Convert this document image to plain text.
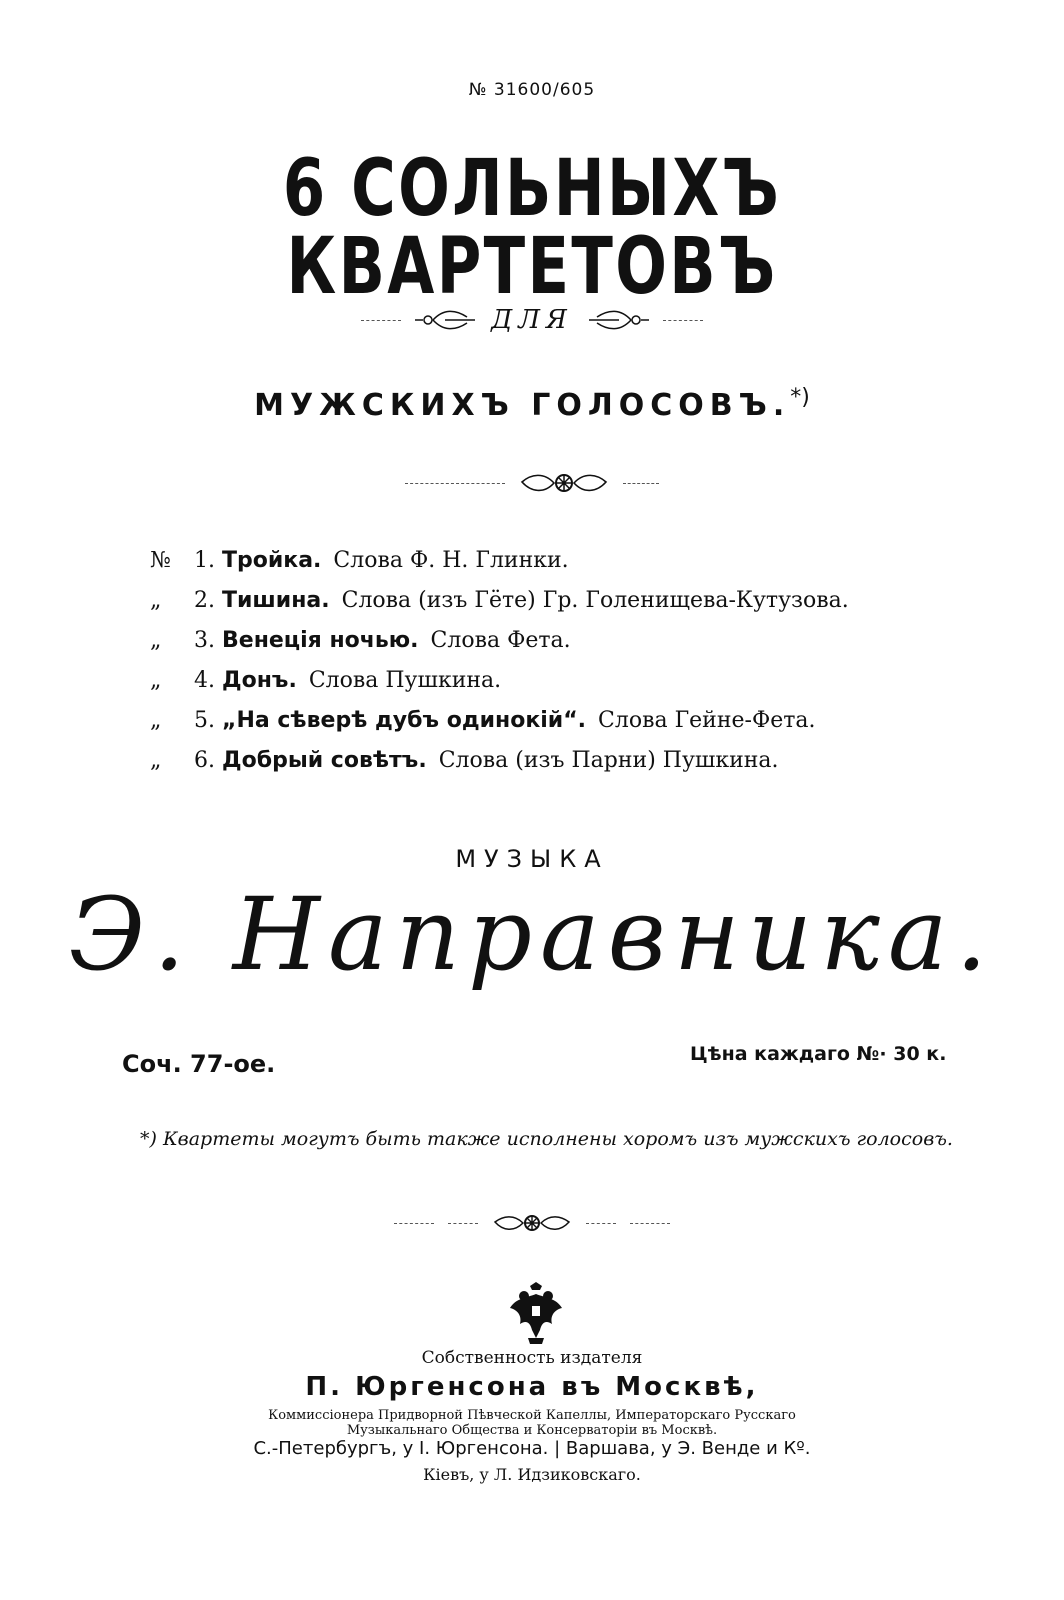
№ 31600/605
6 СОЛЬНЫХЪ КВАРТЕТОВЪ
ДЛЯ
МУЖСКИХЪ ГОЛОСОВЪ.*)
№	1. Тройка. Слова Ф. Н. Глинки.
„	2. Тишина. Слова (изъ Гёте) Гр. Голенищева-Кутузова.
„	3. Венеція ночью. Слова Фета.
„	4. Донъ. Слова Пушкина.
„	5. „На сѣверѣ дубъ одинокій“. Слова Гейне-Фета.
„	6. Добрый совѣтъ. Слова (изъ Парни) Пушкина.
МУЗЫКА
Э. Направника.
Соч. 77-ое.	Цѣна каждаго №· 30 к.
*) Квартеты могутъ быть также исполнены хоромъ изъ мужскихъ голосовъ.
Собственность издателя
П. Юргенсона въ Москвѣ,
Коммиссіонера Придворной Пѣвческой Капеллы, Императорскаго Русскаго
Музыкальнаго Общества и Консерваторіи въ Москвѣ.
С.-Петербургъ, у І. Юргенсона. | Варшава, у Э. Венде и Кº.
Кіевъ, у Л. Идзиковскаго.
